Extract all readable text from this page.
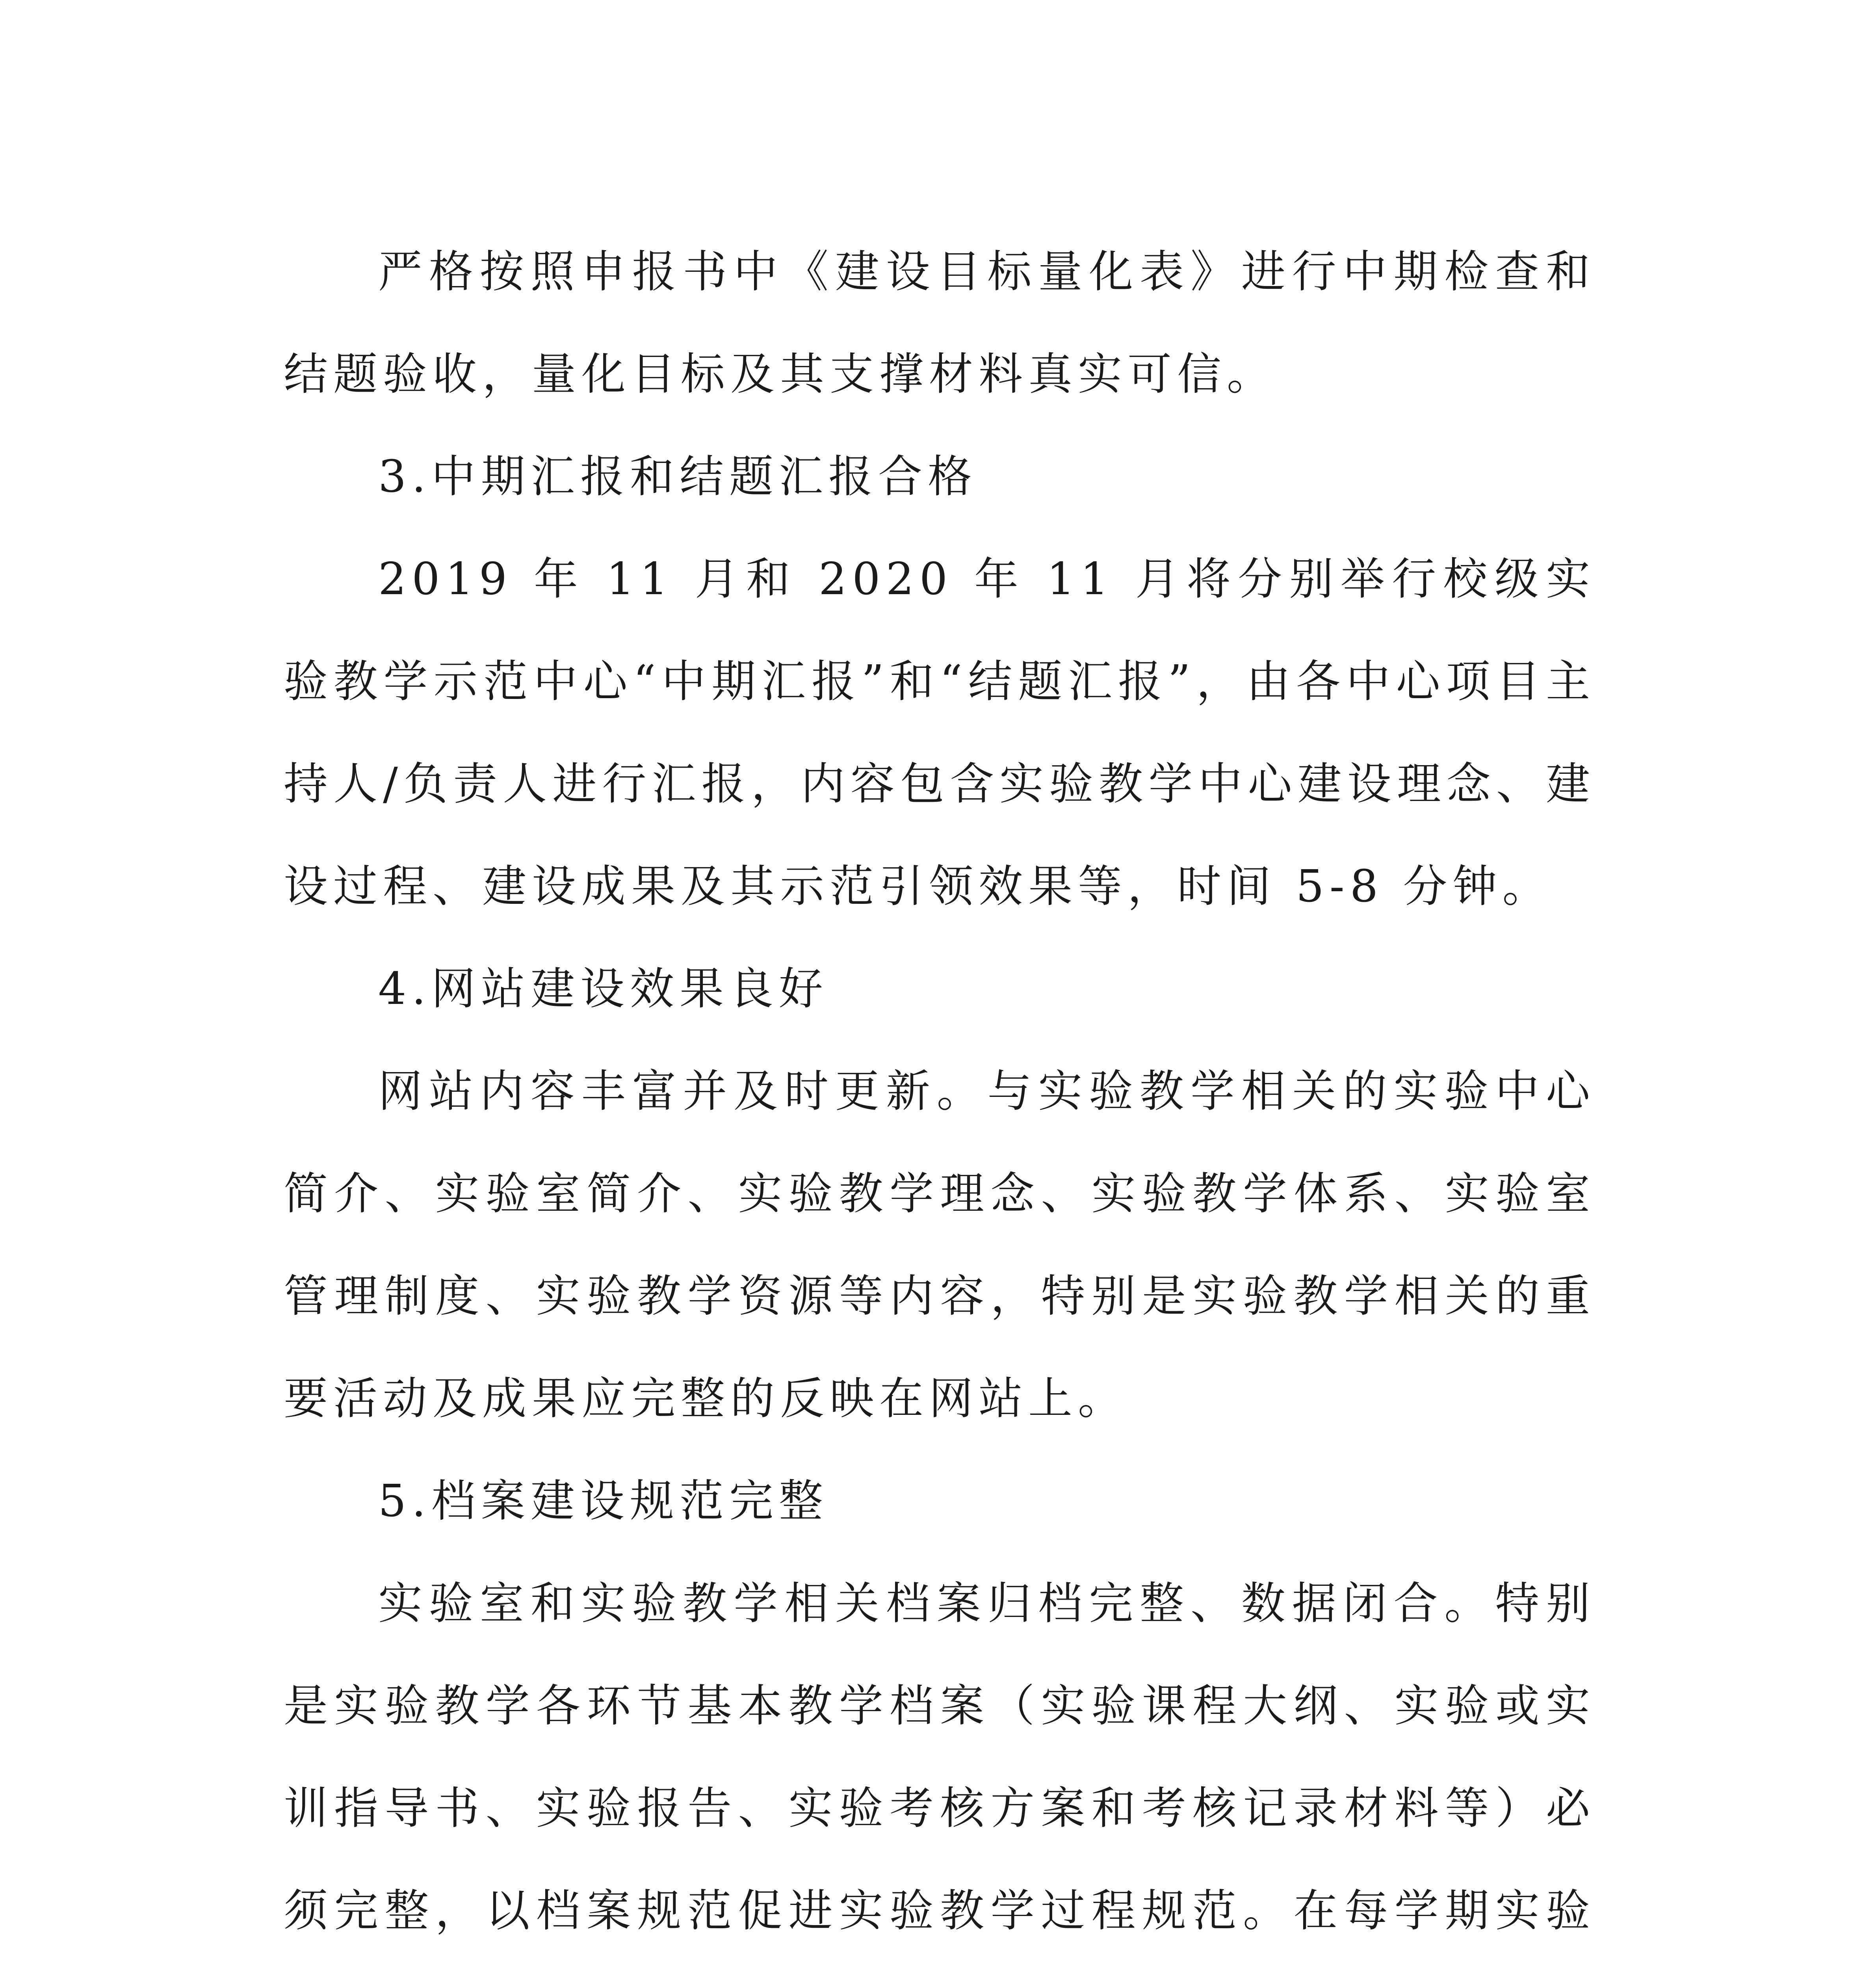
严格按照申报书中《建设目标量化表》进行中期检查和结题验收，量化目标及其支撑材料真实可信。

3.中期汇报和结题汇报合格

2019 年 11 月和 2020 年 11 月将分别举行校级实验教学示范中心“中期汇报”和“结题汇报”，由各中心项目主持人/负责人进行汇报，内容包含实验教学中心建设理念、建设过程、建设成果及其示范引领效果等，时间 5-8 分钟。

4.网站建设效果良好

网站内容丰富并及时更新。与实验教学相关的实验中心简介、实验室简介、实验教学理念、实验教学体系、实验室管理制度、实验教学资源等内容，特别是实验教学相关的重要活动及成果应完整的反映在网站上。

5.档案建设规范完整

实验室和实验教学相关档案归档完整、数据闭合。特别是实验教学各环节基本教学档案（实验课程大纲、实验或实训指导书、实验报告、实验考核方案和考核记录材料等）必须完整，以档案规范促进实验教学过程规范。在每学期实验
